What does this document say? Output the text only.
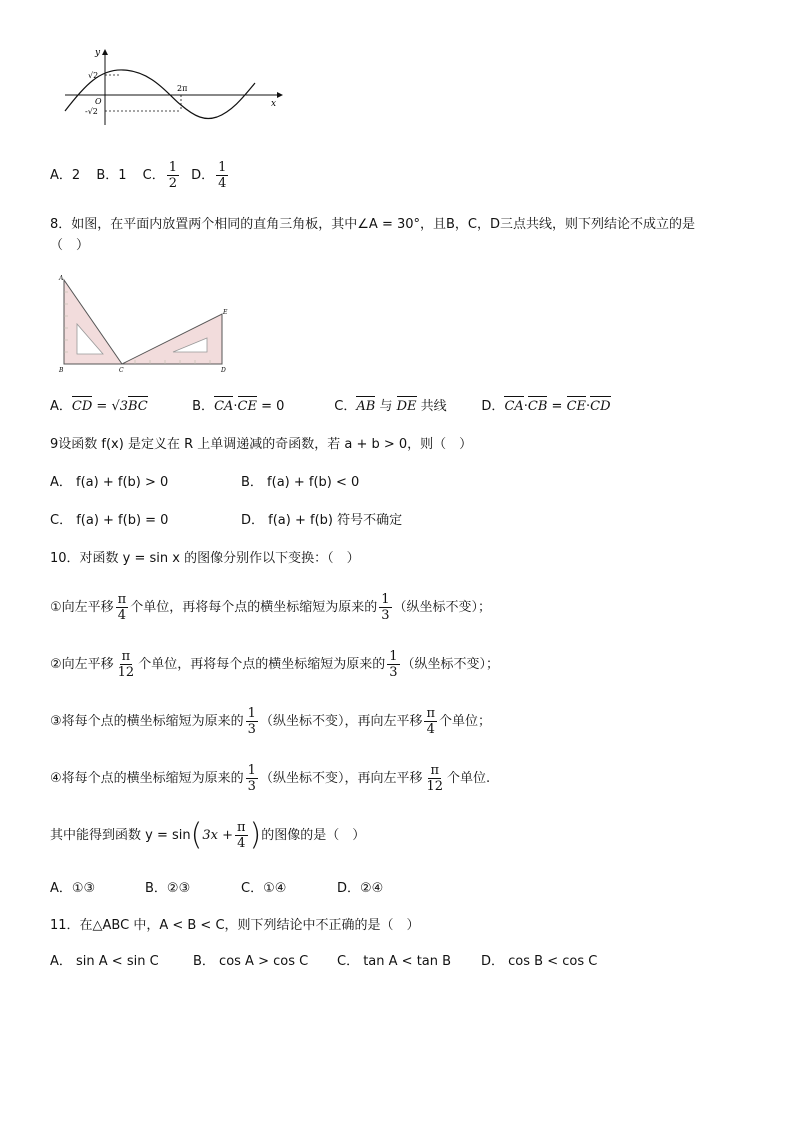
y
x
O
√2
-√2
2π
A．2 B．1 C． $\frac{1}{2}$ D． $\frac{1}{4}$
8．如图，在平面内放置两个相同的直角三角板，其中∠A = 30°，且B，C，D三点共线，则下列结论不成立的是
（　）
A
B	C	D
E
A．CD = √3BC	B．CA·CE = 0	C．AB 与 DE 共线	D．CA·CB = CE·CD
9设函数 f(x) 是定义在 R 上单调递减的奇函数，若 a + b > 0，则（　）
A． f(a) + f(b) > 0	B． f(a) + f(b) < 0
C． f(a) + f(b) = 0	D． f(a) + f(b) 符号不确定
10．对函数 y = sin x 的图像分别作以下变换：（　）
①向左平移 $\frac{\pi}{4}$ 个单位，再将每个点的横坐标缩短为原来的 $\frac{1}{3}$ （纵坐标不变）；
②向左平移 $\frac{\pi}{12}$ 个单位，再将每个点的横坐标缩短为原来的 $\frac{1}{3}$ （纵坐标不变）；
③将每个点的横坐标缩短为原来的 $\frac{1}{3}$ （纵坐标不变），再向左平移 $\frac{\pi}{4}$ 个单位；
④将每个点的横坐标缩短为原来的 $\frac{1}{3}$ （纵坐标不变），再向左平移 $\frac{\pi}{12}$ 个单位.
其中能得到函数 $y = \sin(3x + \frac{\pi}{4}$ )的图像的是（　）
A．①③	B．②③	C．①④	D．②④
11．在△ABC 中，A < B < C，则下列结论中不正确的是（　）
A． sin A < sin C	B． cos A > cos C C． tan A < tan B D． cos B < cos C
